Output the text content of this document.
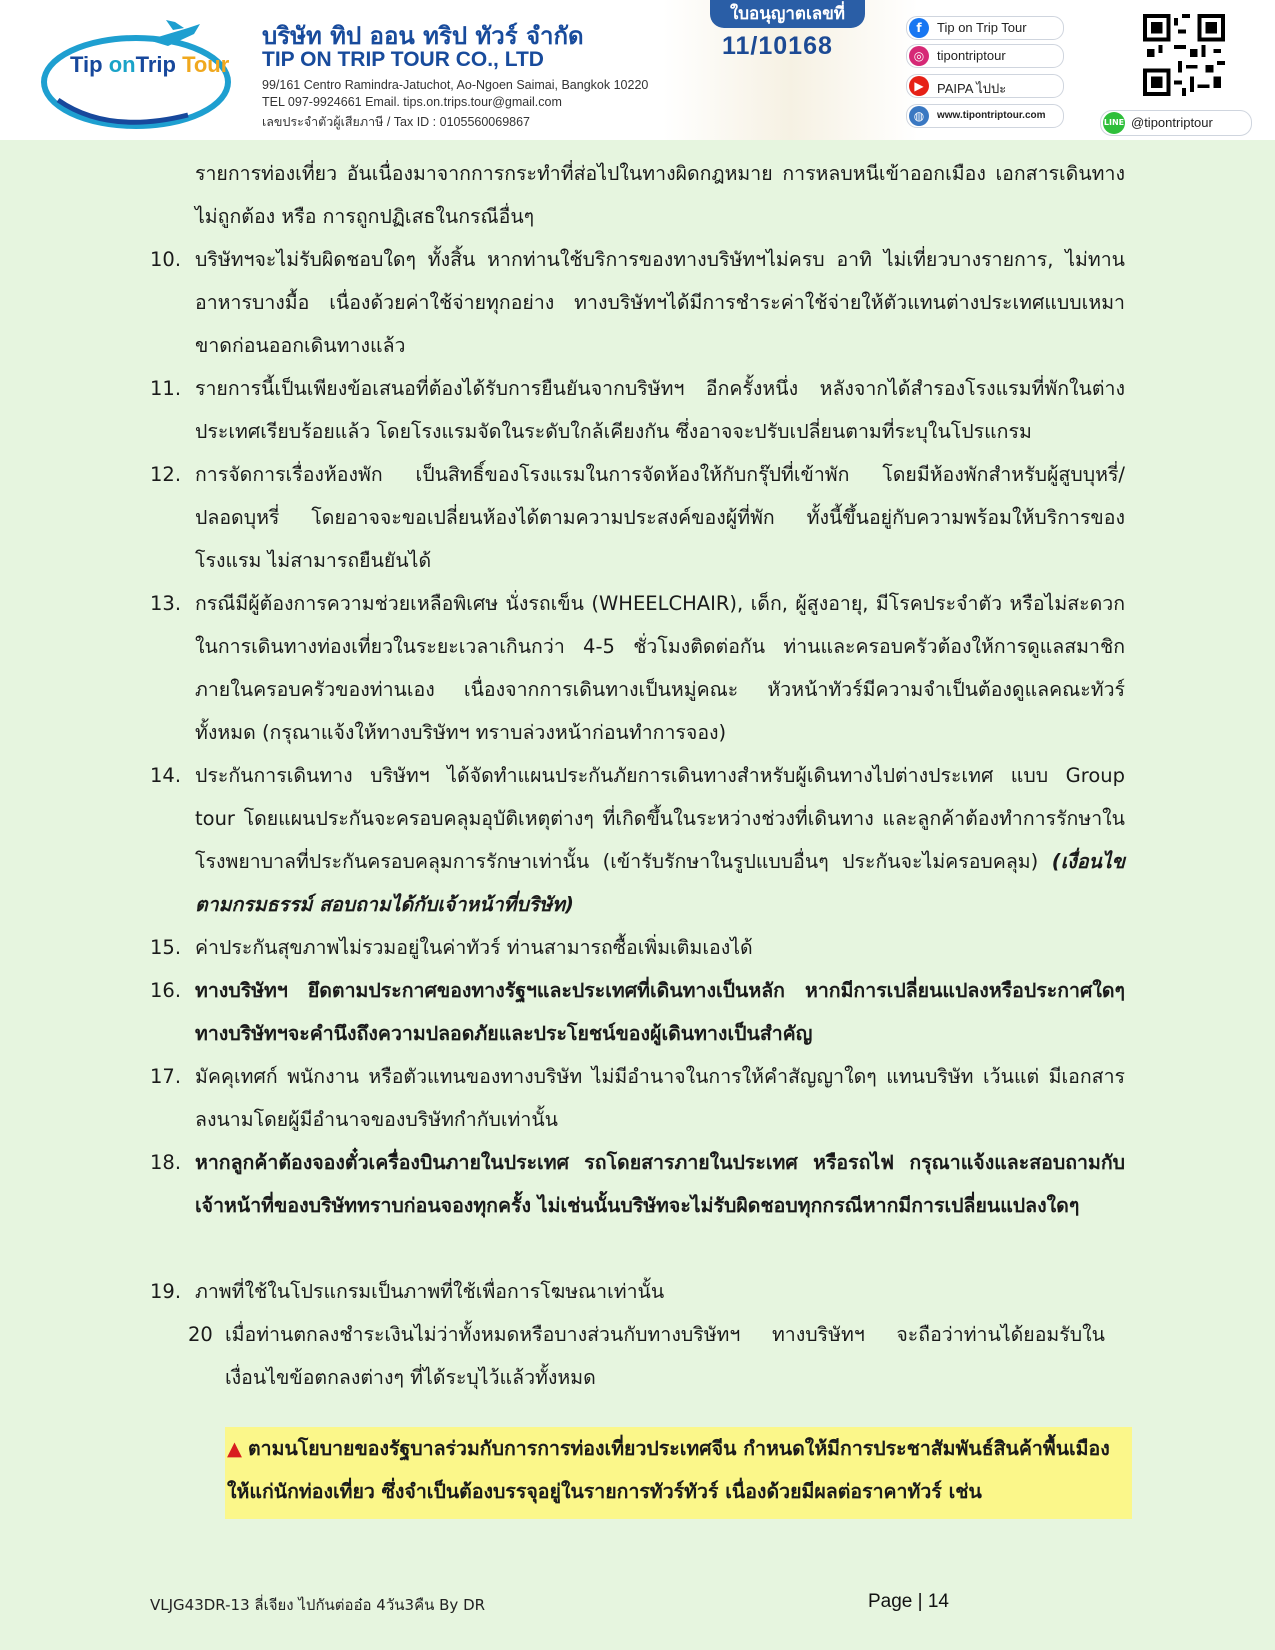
Tip onTrip Tour
บริษัท ทิป ออน ทริป ทัวร์ จำกัด
TIP ON TRIP TOUR CO., LTD
99/161 Centro Ramindra-Jatuchot, Ao-Ngoen Saimai, Bangkok 10220
TEL 097-9924661 Email. tips.on.trips.tour@gmail.com
เลขประจำตัวผู้เสียภาษี / Tax ID : 0105560069867
ใบอนุญาตเลขที่
11/10168
f	Tip on Trip Tour
◎ tipontriptour
▶	PAIPA ไปปะ
◍	www.tipontriptour.com
LINE @tipontriptour
รายการท่องเที่ยว อันเนื่องมาจากการกระทำที่ส่อไปในทางผิดกฎหมาย การหลบหนีเข้าออกเมือง เอกสารเดินทางไม่ถูกต้อง หรือ การถูกปฏิเสธในกรณีอื่นๆ
10. บริษัทฯจะไม่รับผิดชอบใดๆ ทั้งสิ้น หากท่านใช้บริการของทางบริษัทฯไม่ครบ อาทิ ไม่เที่ยวบางรายการ, ไม่ทานอาหารบางมื้อ เนื่องด้วยค่าใช้จ่ายทุกอย่าง ทางบริษัทฯได้มีการชำระค่าใช้จ่ายให้ตัวแทนต่างประเทศแบบเหมาขาดก่อนออกเดินทางแล้ว
11. รายการนี้เป็นเพียงข้อเสนอที่ต้องได้รับการยืนยันจากบริษัทฯ อีกครั้งหนึ่ง หลังจากได้สำรองโรงแรมที่พักในต่างประเทศเรียบร้อยแล้ว โดยโรงแรมจัดในระดับใกล้เคียงกัน ซึ่งอาจจะปรับเปลี่ยนตามที่ระบุในโปรแกรม
12. การจัดการเรื่องห้องพัก เป็นสิทธิ์ของโรงแรมในการจัดห้องให้กับกรุ๊ปที่เข้าพัก โดยมีห้องพักสำหรับผู้สูบบุหรี่/ ปลอดบุหรี่ โดยอาจจะขอเปลี่ยนห้องได้ตามความประสงค์ของผู้ที่พัก ทั้งนี้ขึ้นอยู่กับความพร้อมให้บริการของโรงแรม ไม่สามารถยืนยันได้
13. กรณีมีผู้ต้องการความช่วยเหลือพิเศษ นั่งรถเข็น (WHEELCHAIR), เด็ก, ผู้สูงอายุ, มีโรคประจำตัว หรือไม่สะดวกในการเดินทางท่องเที่ยวในระยะเวลาเกินกว่า 4-5 ชั่วโมงติดต่อกัน ท่านและครอบครัวต้องให้การดูแลสมาชิกภายในครอบครัวของท่านเอง เนื่องจากการเดินทางเป็นหมู่คณะ หัวหน้าทัวร์มีความจำเป็นต้องดูแลคณะทัวร์ทั้งหมด (กรุณาแจ้งให้ทางบริษัทฯ ทราบล่วงหน้าก่อนทำการจอง)
14. ประกันการเดินทาง บริษัทฯ ได้จัดทำแผนประกันภัยการเดินทางสำหรับผู้เดินทางไปต่างประเทศ แบบ Group tour โดยแผนประกันจะครอบคลุมอุบัติเหตุต่างๆ ที่เกิดขึ้นในระหว่างช่วงที่เดินทาง และลูกค้าต้องทำการรักษาในโรงพยาบาลที่ประกันครอบคลุมการรักษาเท่านั้น (เข้ารับรักษาในรูปแบบอื่นๆ ประกันจะไม่ครอบคลุม) (เงื่อนไขตามกรมธรรม์ สอบถามได้กับเจ้าหน้าที่บริษัท)
15. ค่าประกันสุขภาพไม่รวมอยู่ในค่าทัวร์ ท่านสามารถซื้อเพิ่มเติมเองได้
16. ทางบริษัทฯ ยึดตามประกาศของทางรัฐฯและประเทศที่เดินทางเป็นหลัก หากมีการเปลี่ยนแปลงหรือประกาศใดๆ ทางบริษัทฯจะคำนึงถึงความปลอดภัยและประโยชน์ของผู้เดินทางเป็นสำคัญ
17. มัคคุเทศก์ พนักงาน หรือตัวแทนของทางบริษัท ไม่มีอำนาจในการให้คำสัญญาใดๆ แทนบริษัท เว้นแต่ มีเอกสารลงนามโดยผู้มีอำนาจของบริษัทกำกับเท่านั้น
18. หากลูกค้าต้องจองตั๋วเครื่องบินภายในประเทศ รถโดยสารภายในประเทศ หรือรถไฟ กรุณาแจ้งและสอบถามกับเจ้าหน้าที่ของบริษัททราบก่อนจองทุกครั้ง ไม่เช่นนั้นบริษัทจะไม่รับผิดชอบทุกกรณีหากมีการเปลี่ยนแปลงใดๆ
19. ภาพที่ใช้ในโปรแกรมเป็นภาพที่ใช้เพื่อการโฆษณาเท่านั้น
20 เมื่อท่านตกลงชำระเงินไม่ว่าทั้งหมดหรือบางส่วนกับทางบริษัทฯ ทางบริษัทฯ จะถือว่าท่านได้ยอมรับในเงื่อนไขข้อตกลงต่างๆ ที่ได้ระบุไว้แล้วทั้งหมด
▲ ตามนโยบายของรัฐบาลร่วมกับการการท่องเที่ยวประเทศจีน กำหนดให้มีการประชาสัมพันธ์สินค้าพื้นเมืองให้แก่นักท่องเที่ยว ซึ่งจำเป็นต้องบรรจุอยู่ในรายการทัวร์ทัวร์ เนื่องด้วยมีผลต่อราคาทัวร์ เช่น
VLJG43DR-13 ลี่เจียง ไปกันต่ออ๋อ 4วัน3คืน By DR	Page | 14
